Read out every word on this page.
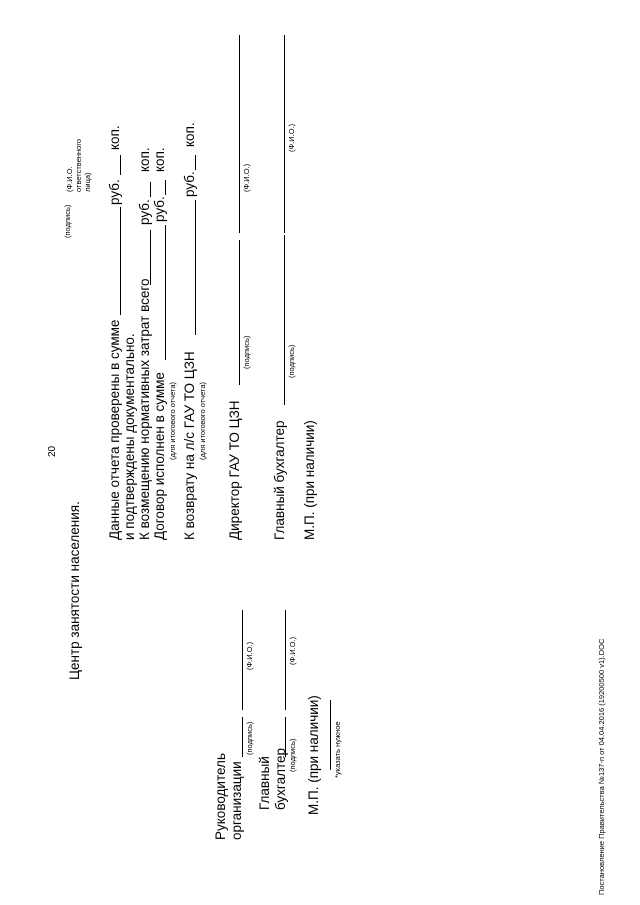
20
Центр занятости населения.
Руководитель организации
(подпись)
(Ф.И.О.)
Главный бухгалтер (подпись)
(Ф.И.О.)
М.П. (при наличии) *указать нужное
(подпись)
(Ф.И.О. ответственного лица)
Данные отчета проверены в сумме
руб.
коп.
и подтверждены документально. К возмещению нормативных затрат всего
руб.
коп.
Договор исполнен в сумме
руб.
коп.
(для итогового отчета) К возврату на л/с ГАУ ТО ЦЗН
руб.
коп.
(для итогового отчета) Директор ГАУ ТО ЦЗН
(подпись)
(Ф.И.О.)
Главный бухгалтер
(подпись)
(Ф.И.О.)
М.П. (при наличии)
Постановление Правительства №137-п от 04.04.2016 (19200500 v1).DOC
